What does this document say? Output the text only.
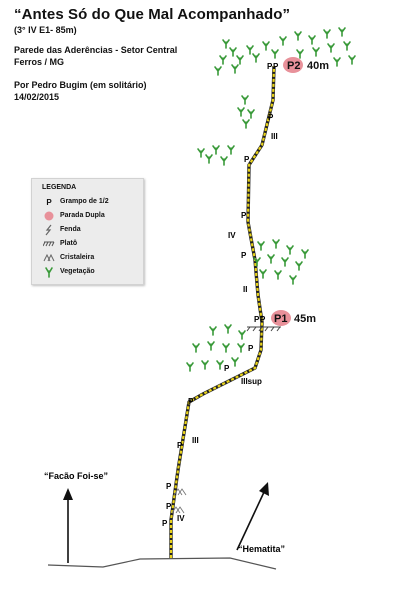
“Antes Só do Que Mal Acompanhado”
(3° IV E1- 85m)
Parede das Aderências - Setor Central
Ferros / MG
Por Pedro Bugim (em solitário)
14/02/2015
P2 40m
P1 45m
P P
P
P
P
P
P P
P
P
P
P
P
P
P
III
IV
II
IIIsup
III
IV
“Facão Foi-se”
“Hematita”
LEGENDA
P	Grampo de 1/2
Parada Dupla
Fenda
Platô
Cristaleira
Vegetação
